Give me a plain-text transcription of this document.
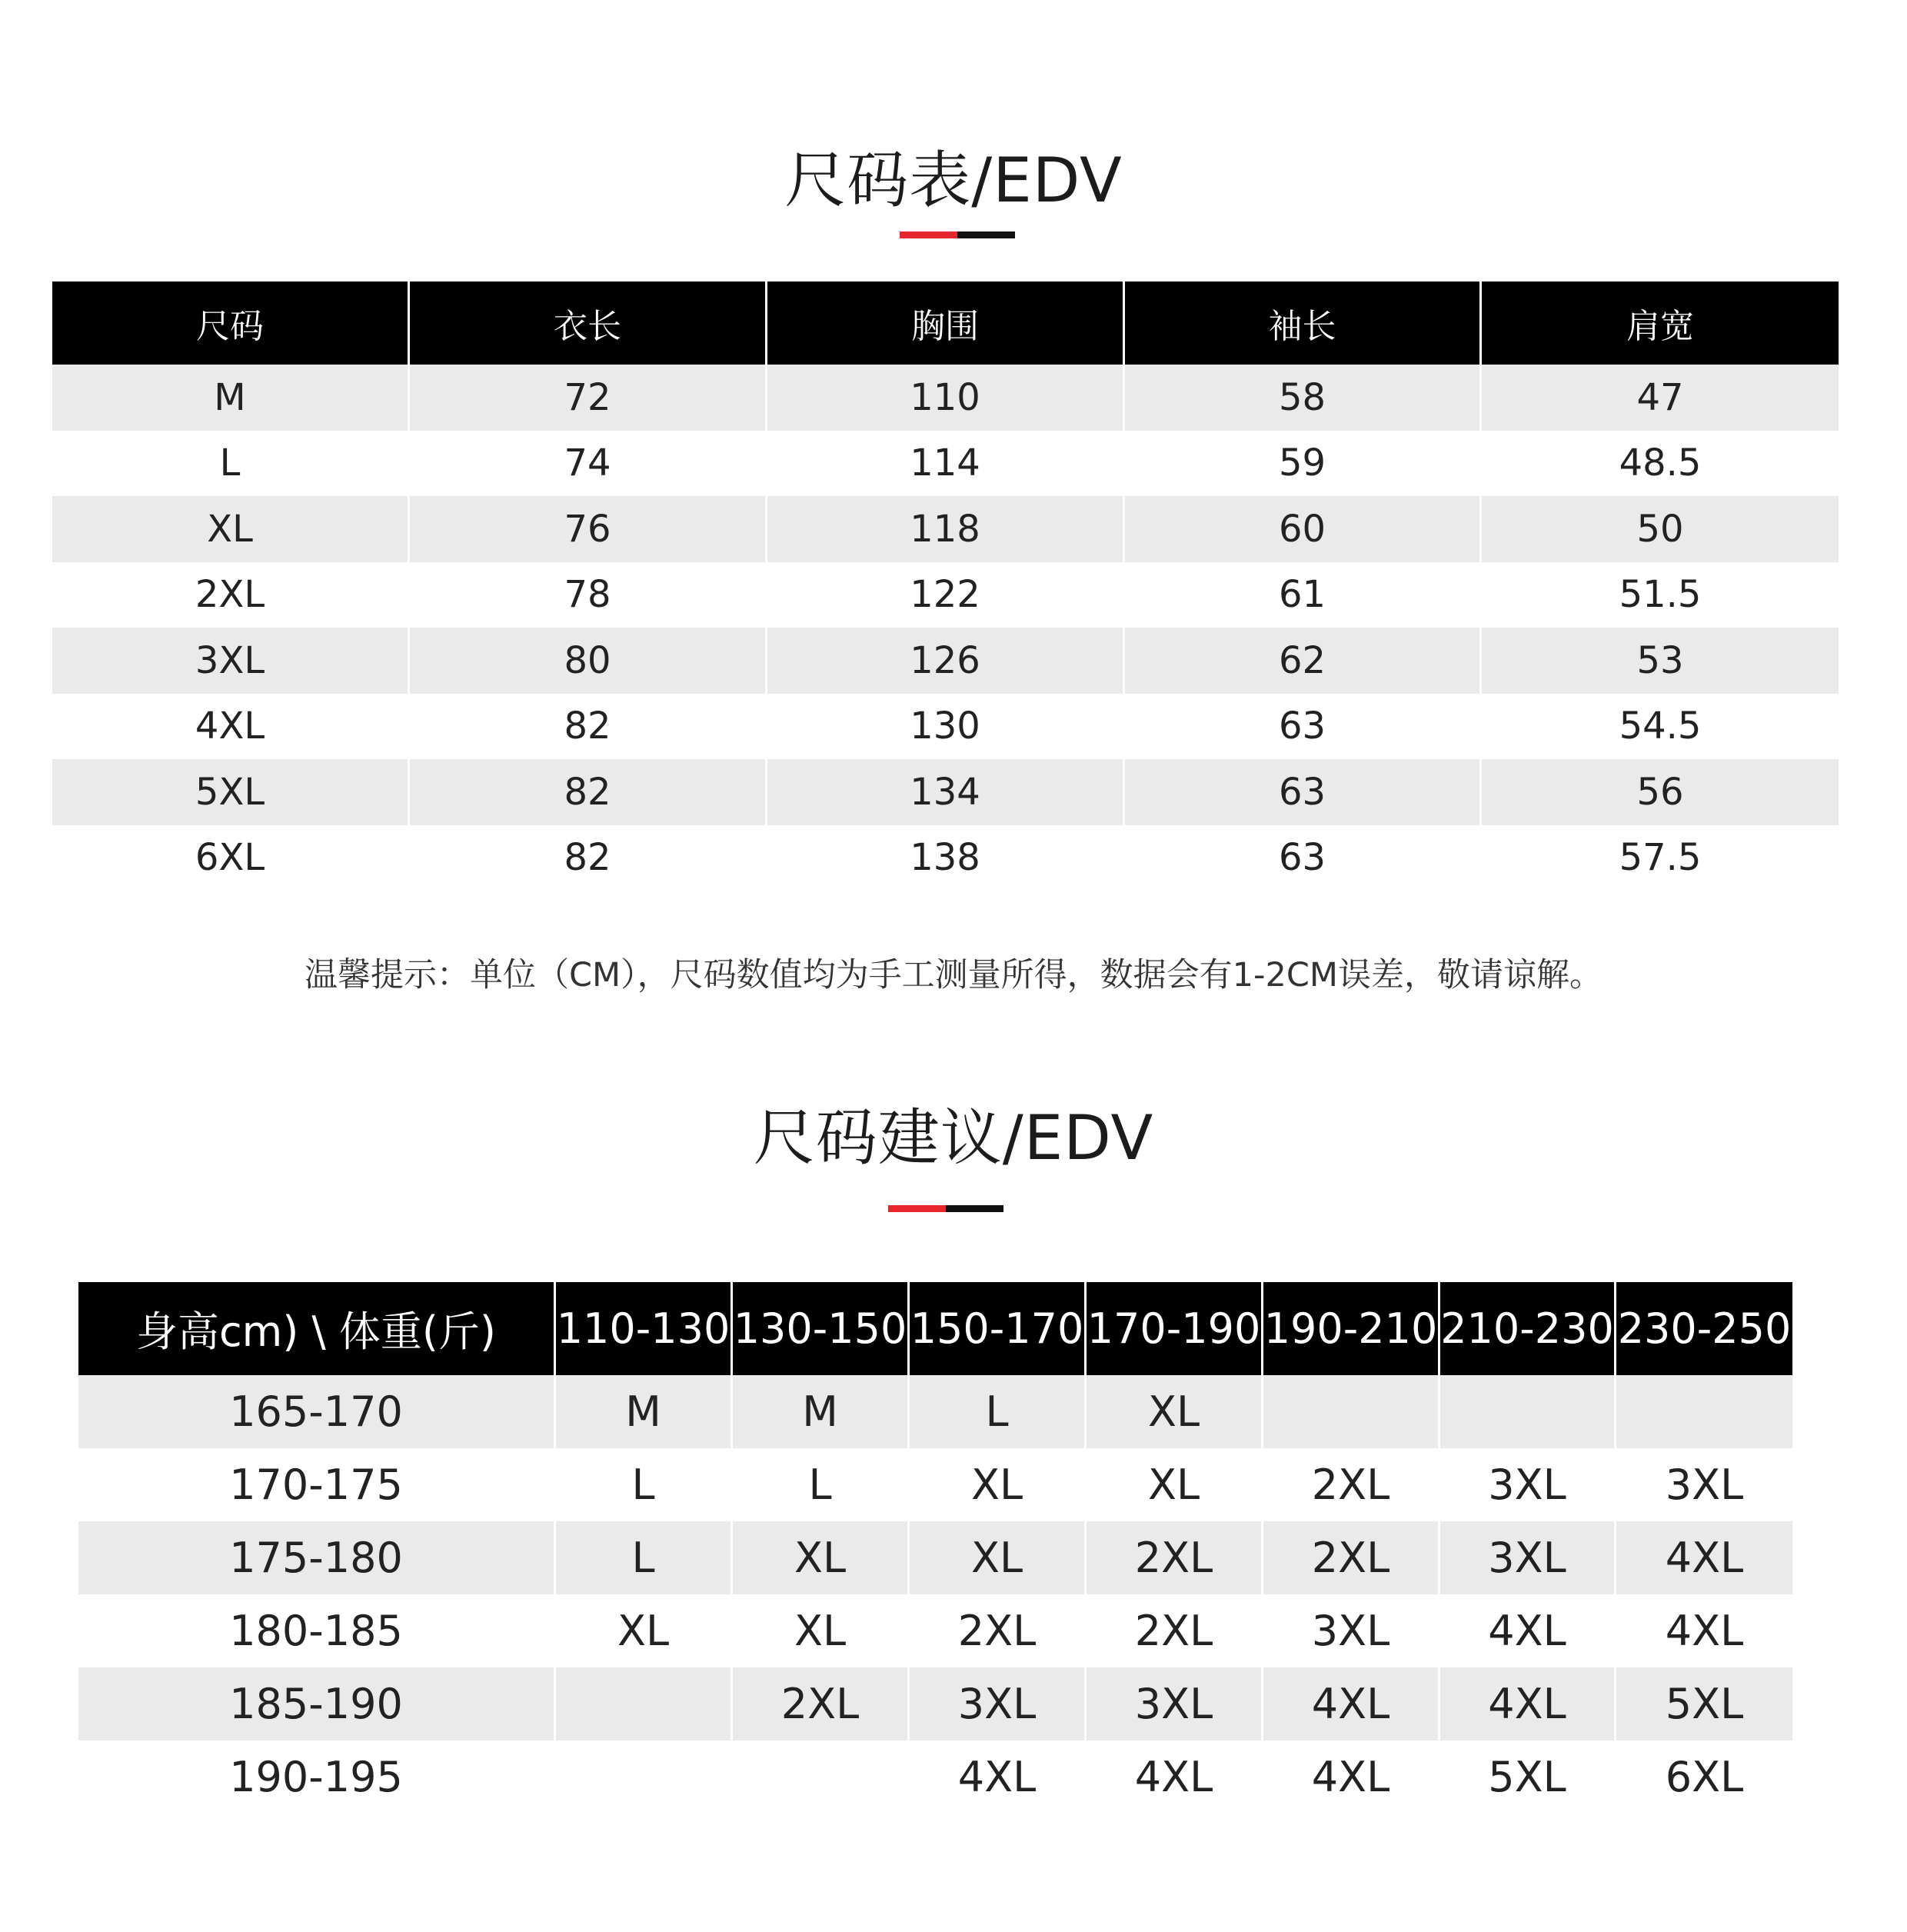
尺码表/EDV
尺码	衣长	胸围	袖长	肩宽
M	72	110	58	47
L	74	114	59	48.5
XL	76	118	60	50
2XL	78	122	61	51.5
3XL	80	126	62	53
4XL	82	130	63	54.5
5XL	82	134	63	56
6XL	82	138	63	57.5
温馨提示：单位（CM），尺码数值均为手工测量所得，数据会有1-2CM误差，敬请谅解。
尺码建议/EDV
身高cm) \ 体重(斤)	110-130	130-150	150-170	170-190	190-210	210-230	230-250
165-170	M	M	L	XL			
170-175	L	L	XL	XL	2XL	3XL	3XL
175-180	L	XL	XL	2XL	2XL	3XL	4XL
180-185	XL	XL	2XL	2XL	3XL	4XL	4XL
185-190		2XL	3XL	3XL	4XL	4XL	5XL
190-195			4XL	4XL	4XL	5XL	6XL
